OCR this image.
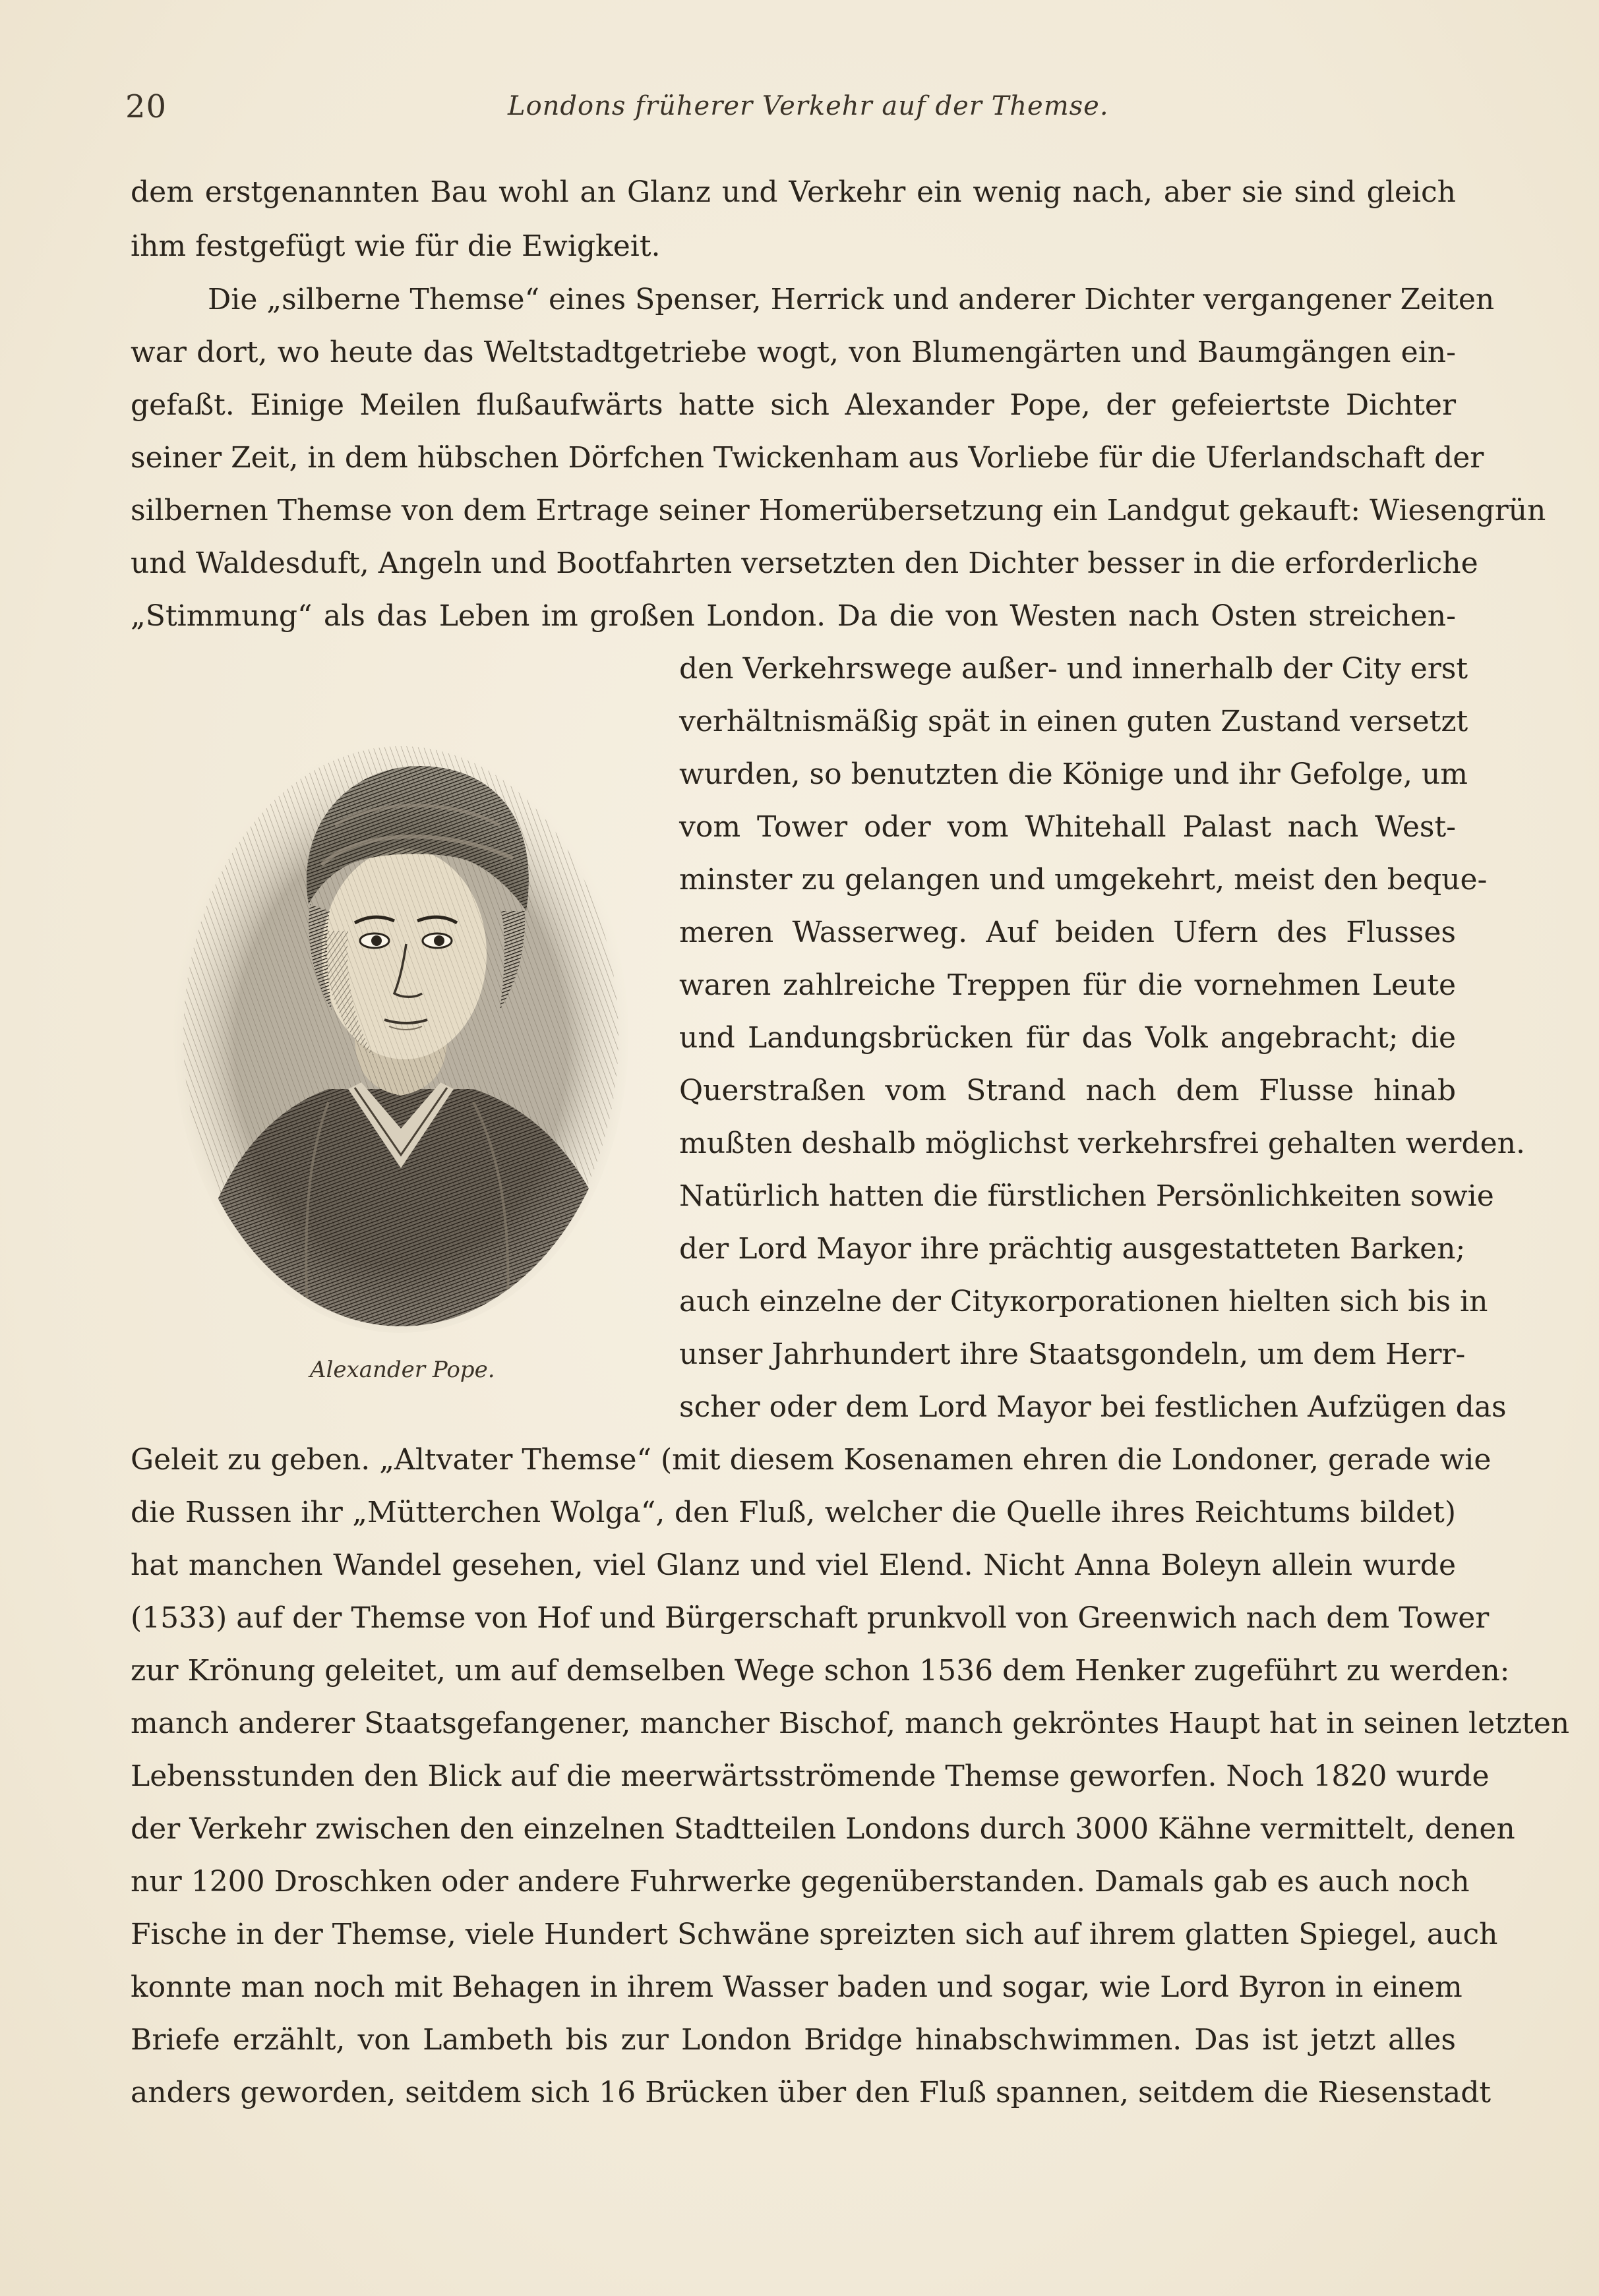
20	Londons früherer Verkehr auf der Themse.
dem erstgenannten Bau wohl an Glanz und Verkehr ein wenig nach, aber sie sind gleich
ihm festgefügt wie für die Ewigkeit.
Die „silberne Themse“ eines Spenser, Herrick und anderer Dichter vergangener Zeiten
war dort, wo heute das Weltstadtgetriebe wogt, von Blumengärten und Baumgängen ein-
gefaßt. Einige Meilen flußaufwärts hatte sich Alexander Pope, der gefeiertste Dichter
seiner Zeit, in dem hübschen Dörfchen Twickenham aus Vorliebe für die Uferlandschaft der
silbernen Themse von dem Ertrage seiner Homerübersetzung ein Landgut gekauft: Wiesengrün
und Waldesduft, Angeln und Bootfahrten versetzten den Dichter besser in die erforderliche
„Stimmung“ als das Leben im großen London. Da die von Westen nach Osten streichen-
den Verkehrswege außer- und innerhalb der City erst
verhältnismäßig spät in einen guten Zustand versetzt
wurden, so benutzten die Könige und ihr Gefolge, um
vom Tower oder vom Whitehall Palast nach West-
minster zu gelangen und umgekehrt, meist den beque-
meren Wasserweg. Auf beiden Ufern des Flusses
waren zahlreiche Treppen für die vornehmen Leute
und Landungsbrücken für das Volk angebracht; die
Querstraßen vom Strand nach dem Flusse hinab
mußten deshalb möglichst verkehrsfrei gehalten werden.
Natürlich hatten die fürstlichen Persönlichkeiten sowie
der Lord Mayor ihre prächtig ausgestatteten Barken;
auch einzelne der Cityкorporationen hielten sich bis in
unser Jahrhundert ihre Staatsgondeln, um dem Herr-
scher oder dem Lord Mayor bei festlichen Aufzügen das
Alexander Pope.
Geleit zu geben. „Altvater Themse“ (mit diesem Kosenamen ehren die Londoner, gerade wie
die Russen ihr „Mütterchen Wolga“, den Fluß, welcher die Quelle ihres Reichtums bildet)
hat manchen Wandel gesehen, viel Glanz und viel Elend. Nicht Anna Boleyn allein wurde
(1533) auf der Themse von Hof und Bürgerschaft prunkvoll von Greenwich nach dem Tower
zur Krönung geleitet, um auf demselben Wege schon 1536 dem Henker zugeführt zu werden:
manch anderer Staatsgefangener, mancher Bischof, manch gekröntes Haupt hat in seinen letzten
Lebensstunden den Blick auf die meerwärtsströmende Themse geworfen. Noch 1820 wurde
der Verkehr zwischen den einzelnen Stadtteilen Londons durch 3000 Kähne vermittelt, denen
nur 1200 Droschken oder andere Fuhrwerke gegenüberstanden. Damals gab es auch noch
Fische in der Themse, viele Hundert Schwäne spreizten sich auf ihrem glatten Spiegel, auch
konnte man noch mit Behagen in ihrem Wasser baden und sogar, wie Lord Byron in einem
Briefe erzählt, von Lambeth bis zur London Bridge hinabschwimmen. Das ist jetzt alles
anders geworden, seitdem sich 16 Brücken über den Fluß spannen, seitdem die Riesenstadt
